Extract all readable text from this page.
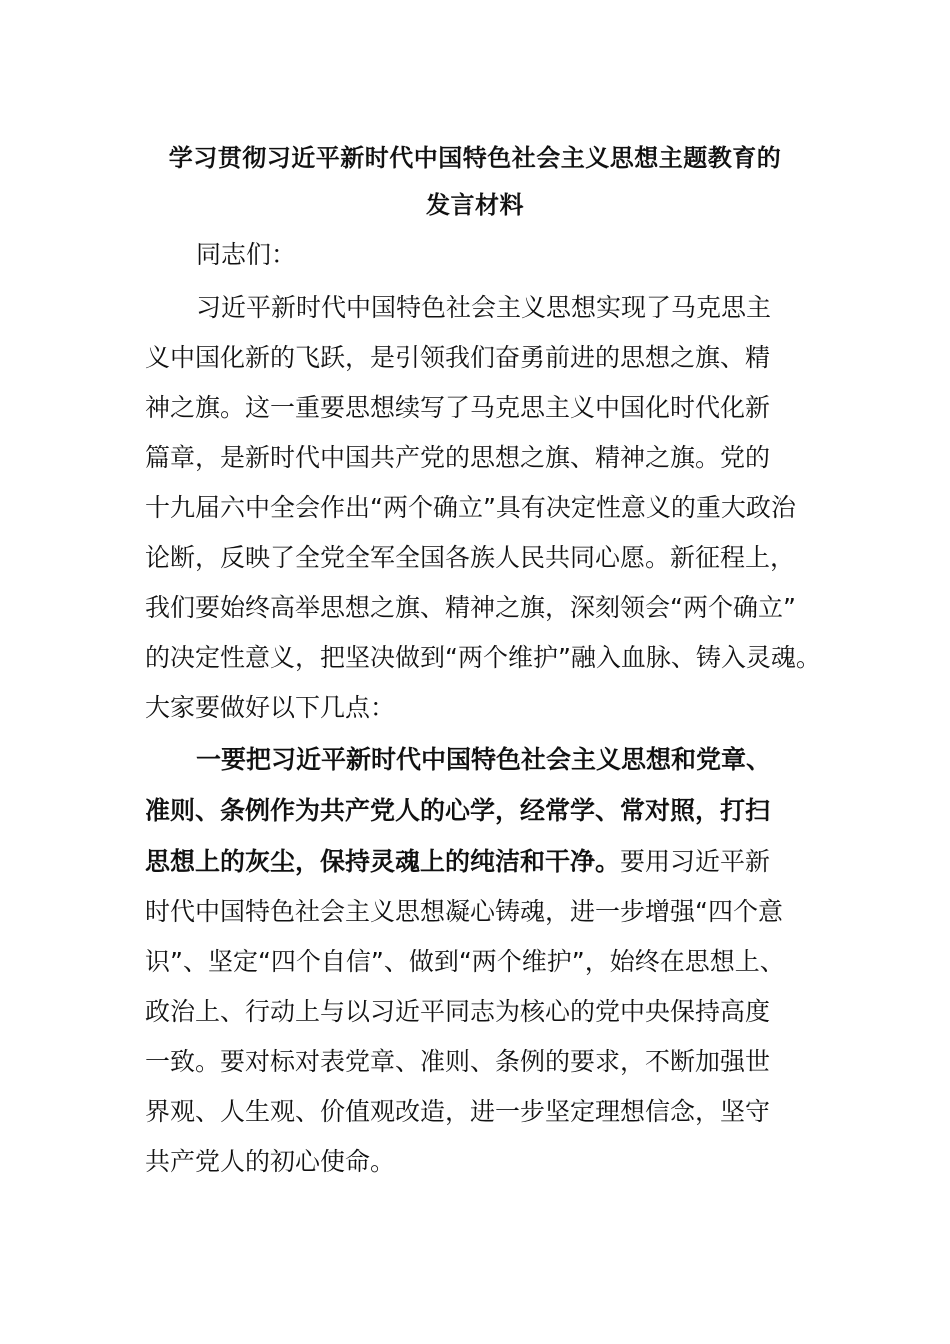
学习贯彻习近平新时代中国特色社会主义思想主题教育的
发言材料
同志们：
习近平新时代中国特色社会主义思想实现了马克思主
义中国化新的飞跃，是引领我们奋勇前进的思想之旗、精
神之旗。这一重要思想续写了马克思主义中国化时代化新
篇章，是新时代中国共产党的思想之旗、精神之旗。党的
十九届六中全会作出“两个确立”具有决定性意义的重大政治
论断，反映了全党全军全国各族人民共同心愿。新征程上，
我们要始终高举思想之旗、精神之旗，深刻领会“两个确立”
的决定性意义，把坚决做到“两个维护”融入血脉、铸入灵魂。
大家要做好以下几点：
一要把习近平新时代中国特色社会主义思想和党章、
准则、条例作为共产党人的心学，经常学、常对照，打扫
思想上的灰尘，保持灵魂上的纯洁和干净。要用习近平新
时代中国特色社会主义思想凝心铸魂，进一步增强“四个意
识”、坚定“四个自信”、做到“两个维护”，始终在思想上、
政治上、行动上与以习近平同志为核心的党中央保持高度
一致。要对标对表党章、准则、条例的要求，不断加强世
界观、人生观、价值观改造，进一步坚定理想信念，坚守
共产党人的初心使命。
